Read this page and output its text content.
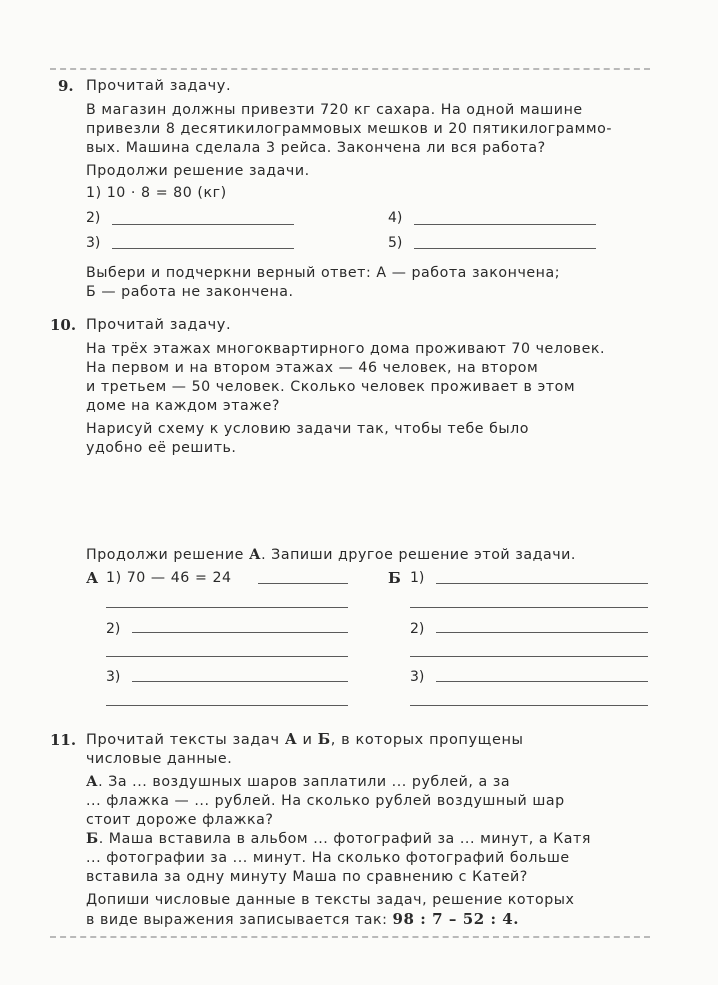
9. Прочитай задачу.
В магазин должны привезти 720 кг сахара. На одной машине
привезли 8 десятикилограммовых мешков и 20 пятикилограммо-
вых. Машина сделала 3 рейса. Закончена ли вся работа?
Продолжи решение задачи.
1) 10 · 8 = 80 (кг)
2)
3)
4)
5)
Выбери и подчеркни верный ответ: А — работа закончена;
Б — работа не закончена.
10. Прочитай задачу.
На трёх этажах многоквартирного дома проживают 70 человек.
На первом и на втором этажах — 46 человек, на втором
и третьем — 50 человек. Сколько человек проживает в этом
доме на каждом этаже?
Нарисуй схему к условию задачи так, чтобы тебе было
удобно её решить.
Продолжи решение А. Запиши другое решение этой задачи.
А 1) 70 — 46 = 24
2)
3)
Б 1)
2)
3)
11. Прочитай тексты задач А и Б, в которых пропущены
числовые данные.
А. За ... воздушных шаров заплатили ... рублей, а за
... флажка — ... рублей. На сколько рублей воздушный шар
стоит дороже флажка?
Б. Маша вставила в альбом ... фотографий за ... минут, а Катя
... фотографии за ... минут. На сколько фотографий больше
вставила за одну минуту Маша по сравнению с Катей?
Допиши числовые данные в тексты задач, решение которых
в виде выражения записывается так: 98 : 7 – 52 : 4.
